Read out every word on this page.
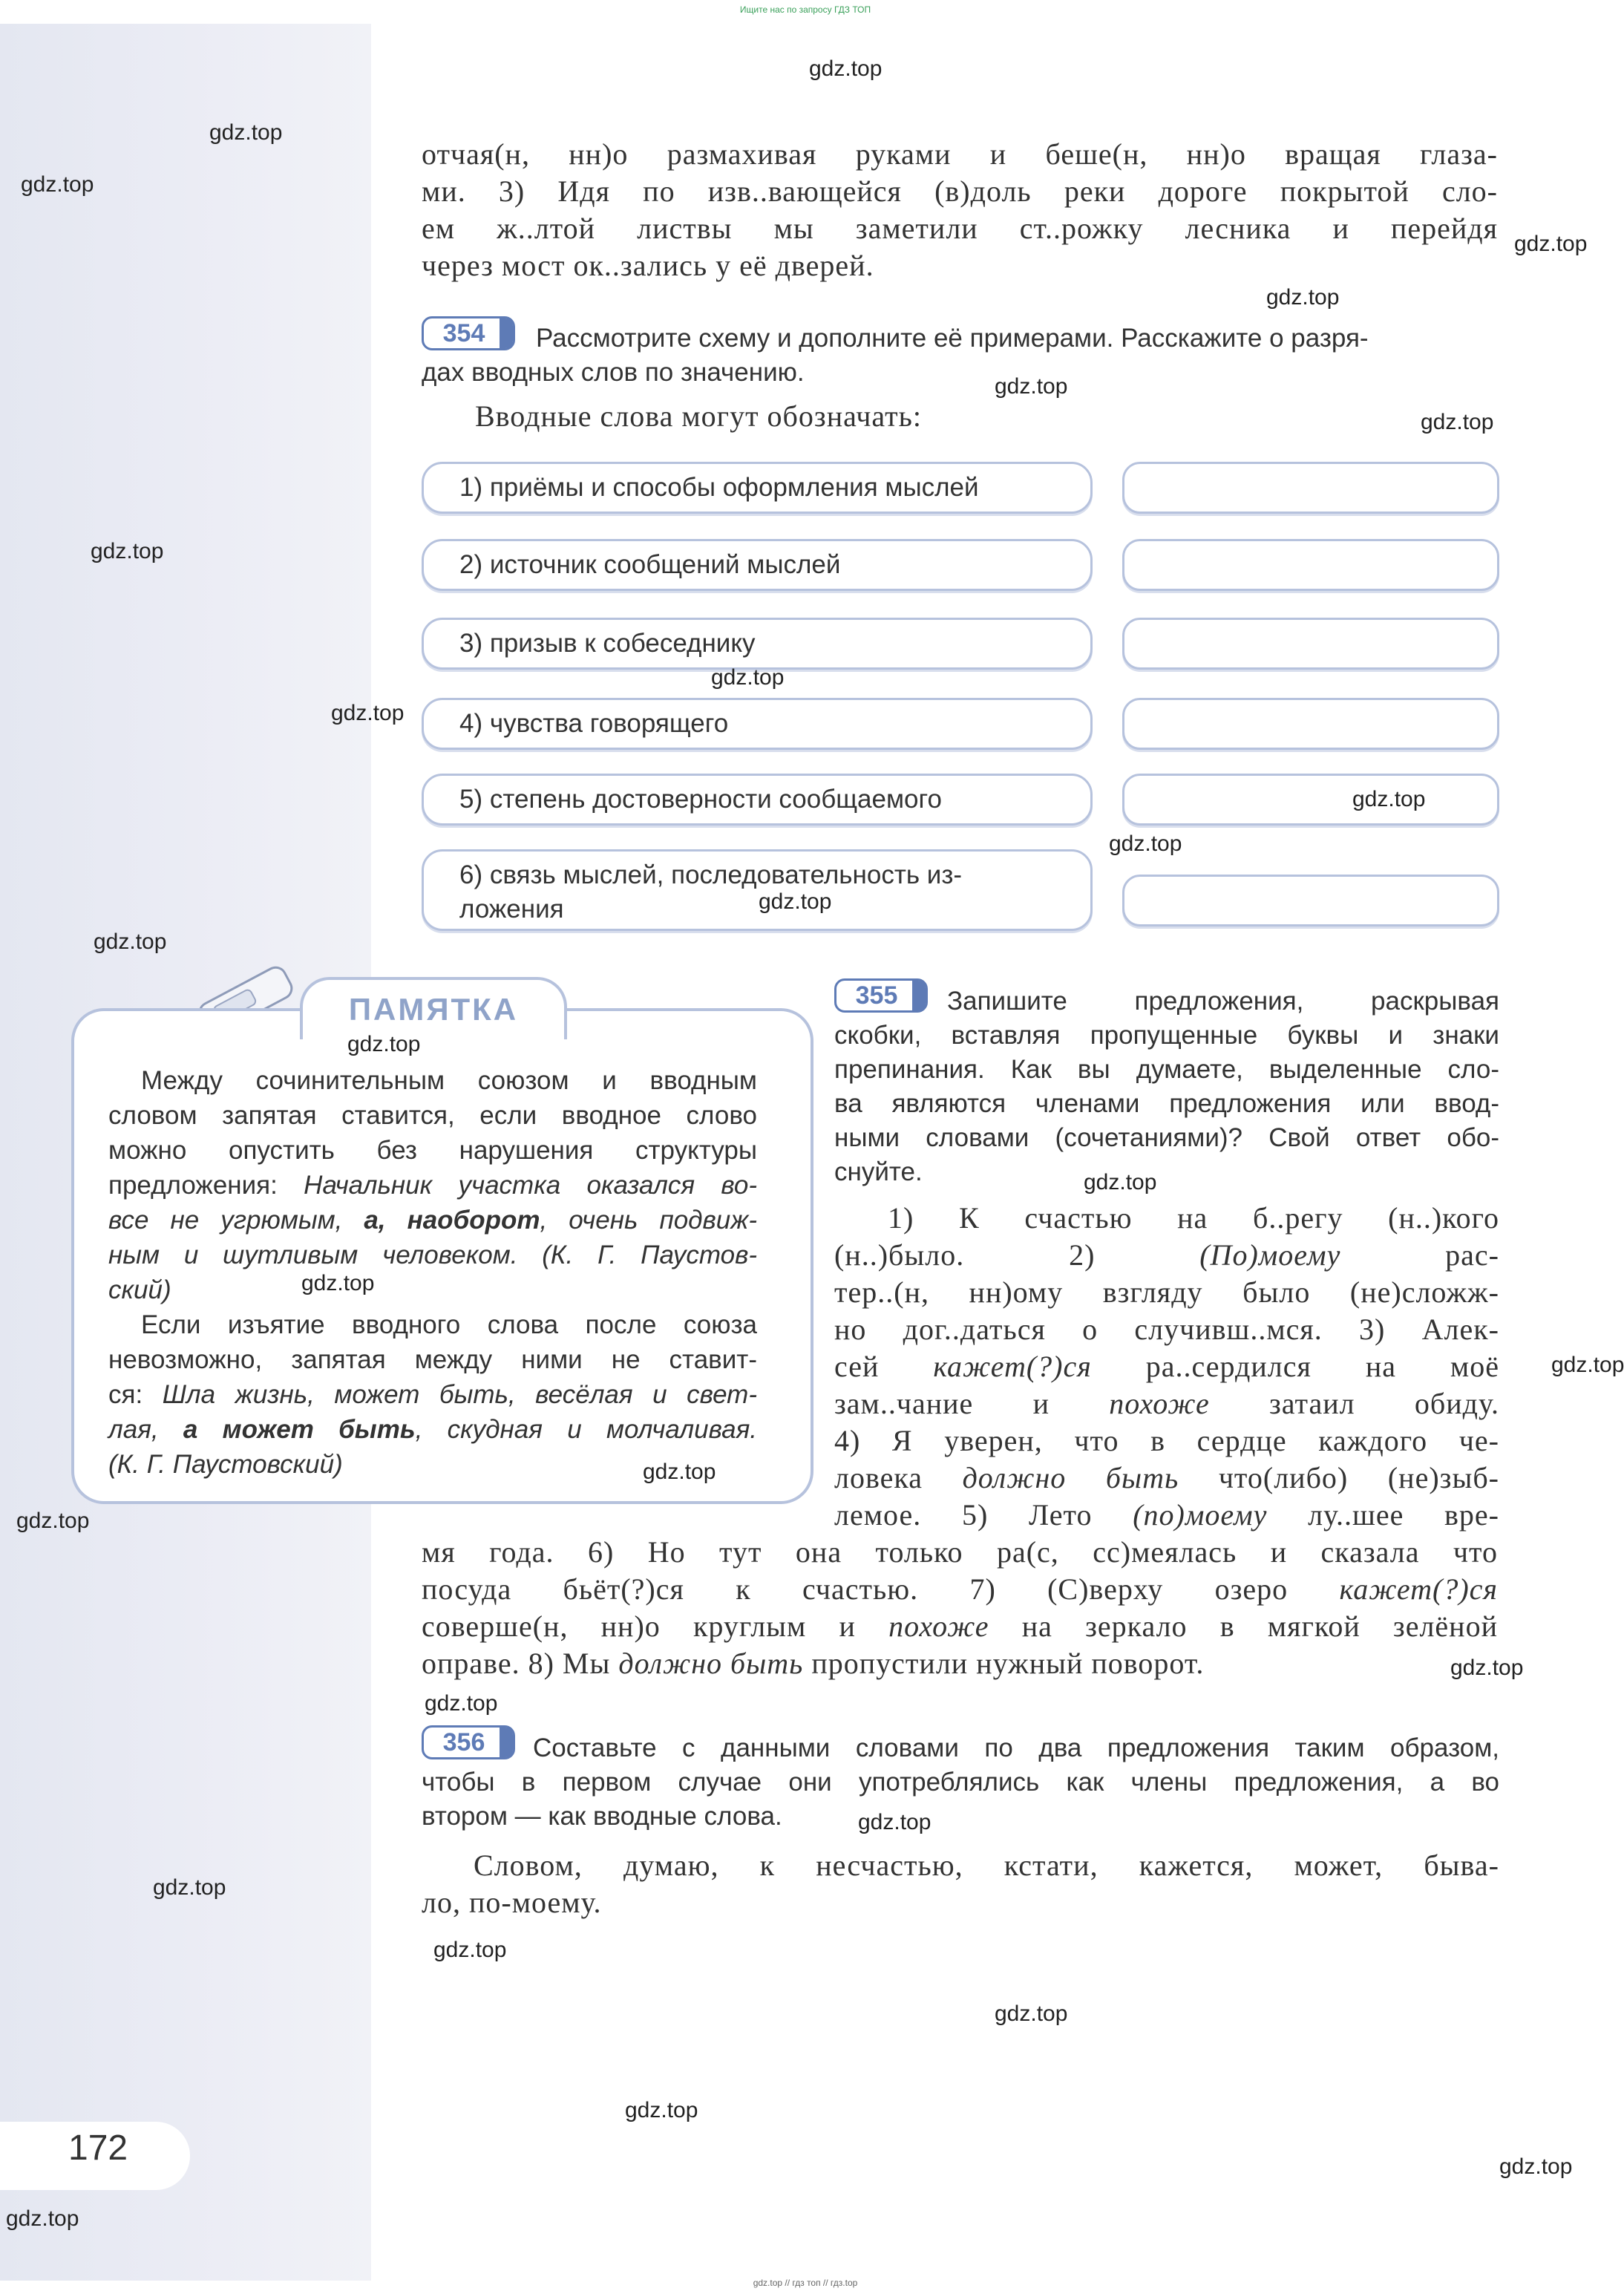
Ищите нас по запросу ГДЗ ТОП
отчая(н, нн)о размахивая руками и беше(н, нн)о вращая глаза-
ми. 3) Идя по изв..вающейся (в)доль реки дороге покрытой сло-
ем ж..лтой листвы мы заметили ст..рожку лесника и перейдя
через мост ок..зались у её дверей.
354	Рассмотрите схему и дополните её примерами. Расскажите о разря-
дах вводных слов по значению.
Вводные слова могут обозначать:
1) приёмы и способы оформления мыслей
2) источник сообщений мыслей
3) призыв к собеседнику
4) чувства говорящего
5) степень достоверности сообщаемого
6) связь мыслей, последовательность из-
ложения
ПАМЯТКА
Между сочинительным союзом и вводным
словом запятая ставится, если вводное слово
можно опустить без нарушения структуры
предложения: Начальник участка оказался во-
все не угрюмым, а, наоборот, очень подвиж-
ным и шутливым человеком. (К. Г. Паустов-
ский)
Если изъятие вводного слова после союза
невозможно, запятая между ними не ставит-
ся: Шла жизнь, может быть, весёлая и свет-
лая, а может быть, скудная и молчаливая.
(К. Г. Паустовский)
355	Запишите предложения, раскрывая
скобки, вставляя пропущенные буквы и знаки
препинания. Как вы думаете, выделенные сло-
ва являются членами предложения или ввод-
ными словами (сочетаниями)? Свой ответ обо-
снуйте.
1) К счастью на б..регу (н..)кого
(н..)было. 2) (По)моему рас-
тер..(н, нн)ому взгляду было (не)сложж-
но дог..даться о случивш..мся. 3) Алек-
сей кажет(?)ся ра..сердился на моё
зам..чание и похоже затаил обиду.
4) Я уверен, что в сердце каждого че-
ловека должно быть что(либо) (не)зыб-
лемое. 5) Лето (по)моему лу..шее вре-
мя года. 6) Но тут она только ра(с, сс)меялась и сказала что
посуда бьёт(?)ся к счастью. 7) (С)верху озеро кажет(?)ся
соверше(н, нн)о круглым и похоже на зеркало в мягкой зелёной
оправе. 8) Мы должно быть пропустили нужный поворот.
356	Составьте с данными словами по два предложения таким образом,
чтобы в первом случае они употреблялись как члены предложения, а во
втором — как вводные слова.
Словом, думаю, к несчастью, кстати, кажется, может, быва-
ло, по-моему.
172
gdz.top
gdz.top
gdz.top
gdz.top
gdz.top
gdz.top
gdz.top
gdz.top
gdz.top
gdz.top
gdz.top
gdz.top
gdz.top
gdz.top
gdz.top
gdz.top
gdz.top
gdz.top
gdz.top
gdz.top
gdz.top
gdz.top
gdz.top
gdz.top
gdz.top
gdz.top
gdz.top
gdz.top
gdz.top
gdz.top // гдз топ // гдз.top
